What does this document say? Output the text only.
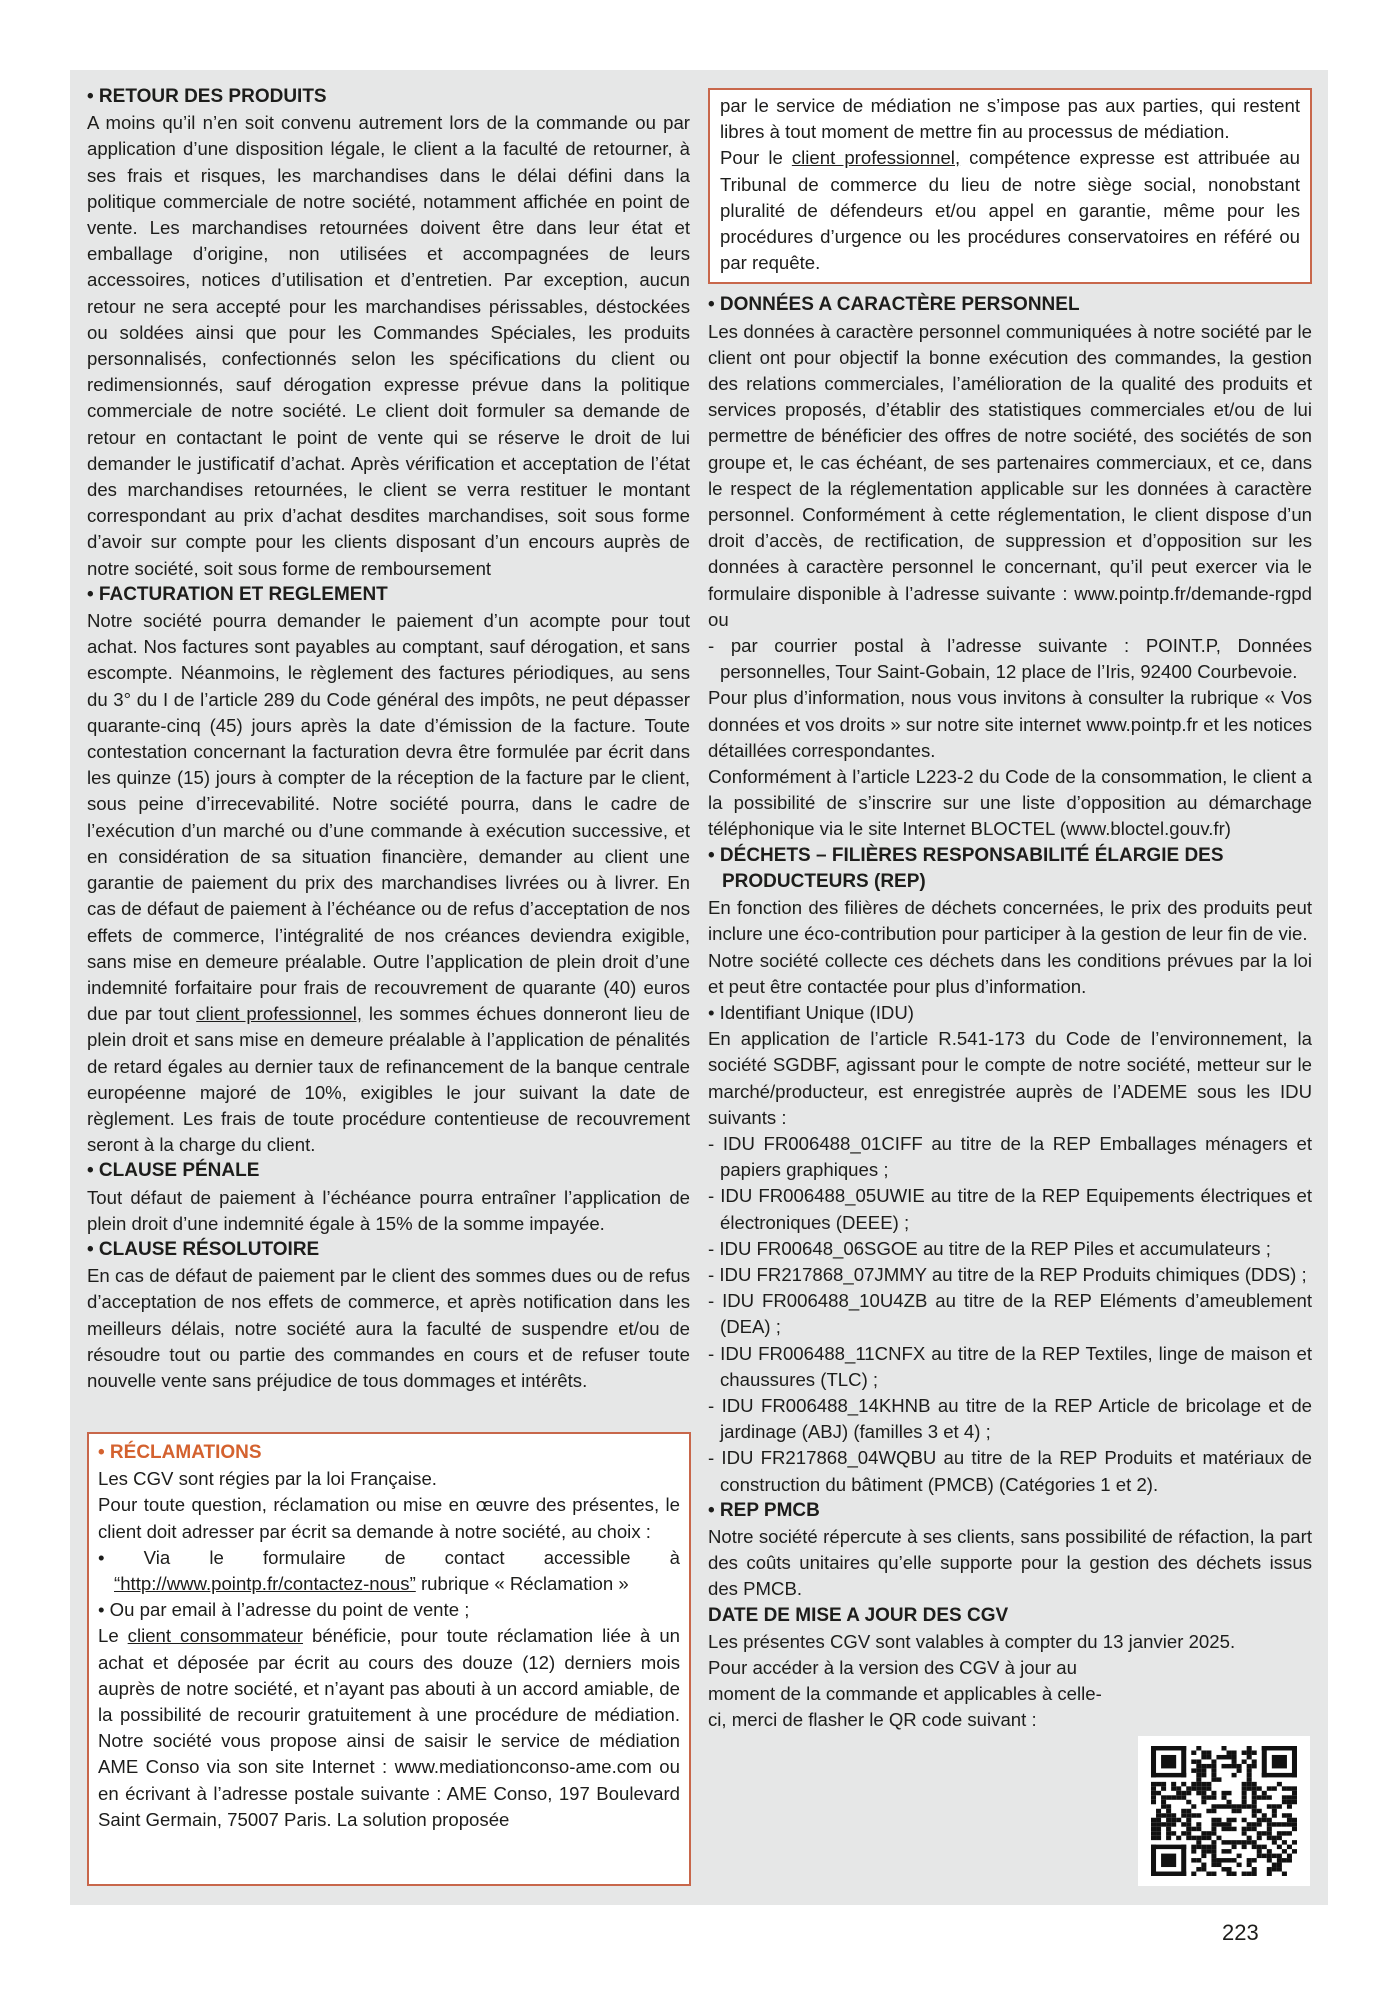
• RETOUR DES PRODUITS

A moins qu’il n’en soit convenu autrement lors de la commande ou par application d’une disposition légale, le client a la faculté de retourner, à ses frais et risques, les marchandises dans le délai défini dans la politique commerciale de notre société, notamment affichée en point de vente. Les marchandises retournées doivent être dans leur état et emballage d’origine, non utilisées et accompagnées de leurs accessoires, notices d’utilisation et d’entretien. Par exception, aucun retour ne sera accepté pour les marchandises périssables, déstockées ou soldées ainsi que pour les Commandes Spéciales, les produits personnalisés, confectionnés selon les spécifications du client ou redimensionnés, sauf dérogation expresse prévue dans la politique commerciale de notre société. Le client doit formuler sa demande de retour en contactant le point de vente qui se réserve le droit de lui demander le justificatif d’achat. Après vérification et acceptation de l’état des marchandises retournées, le client se verra restituer le montant correspondant au prix d’achat desdites marchandises, soit sous forme d’avoir sur compte pour les clients disposant d’un encours auprès de notre société, soit sous forme de remboursement

• FACTURATION ET REGLEMENT

Notre société pourra demander le paiement d’un acompte pour tout achat. Nos factures sont payables au comptant, sauf dérogation, et sans escompte. Néanmoins, le règlement des factures périodiques, au sens du 3° du I de l’article 289 du Code général des impôts, ne peut dépasser quarante-cinq (45) jours après la date d’émission de la facture. Toute contestation concernant la facturation devra être formulée par écrit dans les quinze (15) jours à compter de la réception de la facture par le client, sous peine d’irrecevabilité. Notre société pourra, dans le cadre de l’exécution d’un marché ou d’une commande à exécution successive, et en considération de sa situation financière, demander au client une garantie de paiement du prix des marchandises livrées ou à livrer. En cas de défaut de paiement à l’échéance ou de refus d’acceptation de nos effets de commerce, l’intégralité de nos créances deviendra exigible, sans mise en demeure préalable. Outre l’application de plein droit d’une indemnité forfaitaire pour frais de recouvrement de quarante (40) euros due par tout client professionnel, les sommes échues donneront lieu de plein droit et sans mise en demeure préalable à l’application de pénalités de retard égales au dernier taux de refinancement de la banque centrale européenne majoré de 10%, exigibles le jour suivant la date de règlement. Les frais de toute procédure contentieuse de recouvrement seront à la charge du client.

• CLAUSE PÉNALE

Tout défaut de paiement à l’échéance pourra entraîner l’application de plein droit d’une indemnité égale à 15% de la somme impayée.

• CLAUSE RÉSOLUTOIRE

En cas de défaut de paiement par le client des sommes dues ou de refus d’acceptation de nos effets de commerce, et après notification dans les meilleurs délais, notre société aura la faculté de suspendre et/ou de résoudre tout ou partie des commandes en cours et de refuser toute nouvelle vente sans préjudice de tous dommages et intérêts.

• RÉCLAMATIONS

Les CGV sont régies par la loi Française.

Pour toute question, réclamation ou mise en œuvre des présentes, le client doit adresser par écrit sa demande à notre société, au choix :

• Via le formulaire de contact accessible à “http://www.pointp.fr/contactez-nous” rubrique « Réclamation »

• Ou par email à l’adresse du point de vente ;

Le client consommateur bénéficie, pour toute réclamation liée à un achat et déposée par écrit au cours des douze (12) derniers mois auprès de notre société, et n’ayant pas abouti à un accord amiable, de la possibilité de recourir gratuitement à une procédure de médiation. Notre société vous propose ainsi de saisir le service de médiation AME Conso via son site Internet : www.mediationconso-ame.com ou en écrivant à l’adresse postale suivante : AME Conso, 197 Boulevard Saint Germain, 75007 Paris. La solution proposée

par le service de médiation ne s’impose pas aux parties, qui restent libres à tout moment de mettre fin au processus de médiation.

Pour le client professionnel, compétence expresse est attribuée au Tribunal de commerce du lieu de notre siège social, nonobstant pluralité de défendeurs et/ou appel en garantie, même pour les procédures d’urgence ou les procédures conservatoires en référé ou par requête.

• DONNÉES A CARACTÈRE PERSONNEL

Les données à caractère personnel communiquées à notre société par le client ont pour objectif la bonne exécution des commandes, la gestion des relations commerciales, l’amélioration de la qualité des produits et services proposés, d’établir des statistiques commerciales et/ou de lui permettre de bénéficier des offres de notre société, des sociétés de son groupe et, le cas échéant, de ses partenaires commerciaux, et ce, dans le respect de la réglementation applicable sur les données à caractère personnel. Conformément à cette réglementation, le client dispose d’un droit d’accès, de rectification, de suppression et d’opposition sur les données à caractère personnel le concernant, qu’il peut exercer via le formulaire disponible à l’adresse suivante : www.pointp.fr/demande-rgpd ou

- par courrier postal à l’adresse suivante : POINT.P, Données personnelles, Tour Saint-Gobain, 12 place de l’Iris, 92400 Courbevoie.

Pour plus d’information, nous vous invitons à consulter la rubrique « Vos données et vos droits » sur notre site internet www.pointp.fr et les notices détaillées correspondantes.

Conformément à l’article L223-2 du Code de la consommation, le client a la possibilité de s’inscrire sur une liste d’opposition au démarchage téléphonique via le site Internet BLOCTEL (www.bloctel.gouv.fr)

• DÉCHETS – FILIÈRES RESPONSABILITÉ ÉLARGIE DES PRODUCTEURS (REP)

En fonction des filières de déchets concernées, le prix des produits peut inclure une éco-contribution pour participer à la gestion de leur fin de vie.

Notre société collecte ces déchets dans les conditions prévues par la loi et peut être contactée pour plus d’information.

• Identifiant Unique (IDU)

En application de l’article R.541-173 du Code de l’environnement, la société SGDBF, agissant pour le compte de notre société, metteur sur le marché/producteur, est enregistrée auprès de l’ADEME sous les IDU suivants :

- IDU FR006488_01CIFF au titre de la REP Emballages ménagers et papiers graphiques ;

- IDU FR006488_05UWIE au titre de la REP Equipements électriques et électroniques (DEEE) ;

- IDU FR00648_06SGOE au titre de la REP Piles et accumulateurs ;

- IDU FR217868_07JMMY au titre de la REP Produits chimiques (DDS) ;

- IDU FR006488_10U4ZB au titre de la REP Eléments d’ameublement (DEA) ;

- IDU FR006488_11CNFX au titre de la REP Textiles, linge de maison et chaussures (TLC) ;

- IDU FR006488_14KHNB au titre de la REP Article de bricolage et de jardinage (ABJ) (familles 3 et 4) ;

- IDU FR217868_04WQBU au titre de la REP Produits et matériaux de construction du bâtiment (PMCB) (Catégories 1 et 2).

• REP PMCB

Notre société répercute à ses clients, sans possibilité de réfaction, la part des coûts unitaires qu’elle supporte pour la gestion des déchets issus des PMCB.

DATE DE MISE A JOUR DES CGV

Les présentes CGV sont valables à compter du 13 janvier 2025.

Pour accéder à la version des CGV à jour au moment de la commande et applicables à celle-ci, merci de flasher le QR code suivant :

223
